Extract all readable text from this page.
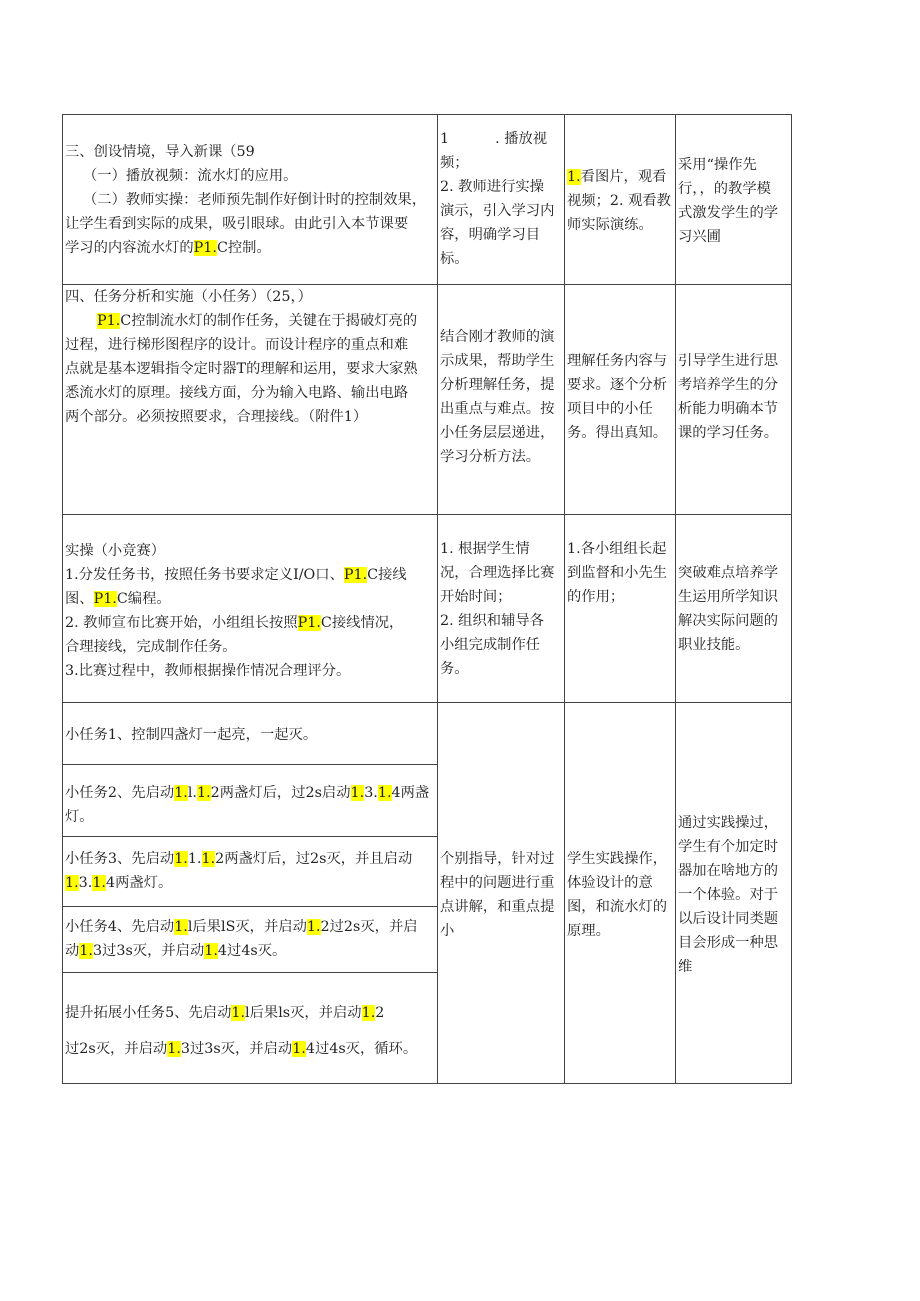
三、创设情境，导入新课（59
（一）播放视频：流水灯的应用。
（二）教师实操：老师预先制作好倒计时的控制效果，
让学生看到实际的成果，吸引眼球。由此引入本节课要
学习的内容流水灯的P1.C控制。
1	. 播放视
频；
2. 教师进行实操
演示，引入学习内
容，明确学习目
标。
1.看图片，观看
视频；2. 观看教
师实际演练。
采用“操作先
行，，的教学模
式激发学生的学
习兴圃
四、任务分析和实施（小任务）（25，）
P1.C控制流水灯的制作任务，关键在于揭破灯亮的
过程，进行梯形图程序的设计。而设计程序的重点和难
点就是基本逻辑指令定时器T的理解和运用，要求大家熟
悉流水灯的原理。接线方面，分为输入电路、输出电路
两个部分。必须按照要求，合理接线。（附件1）
结合刚才教师的演
示成果，帮助学生
分析理解任务，提
出重点与难点。按
小任务层层递进，
学习分析方法。
理解任务内容与
要求。逐个分析
项目中的小任
务。得出真知。
引导学生进行思
考培养学生的分
析能力明确本节
课的学习任务。
实操（小竞赛）
1.分发任务书，按照任务书要求定义I/O口、P1.C接线
图、P1.C编程。
2. 教师宣布比赛开始，小组组长按照P1.C接线情况，
合理接线，完成制作任务。
3.比赛过程中，教师根据操作情况合理评分。
1. 根据学生情
况，合理选择比赛
开始时间；
2. 组织和辅导各
小组完成制作任
务。
1.各小组组长起
到监督和小先生
的作用；
突破难点培养学
生运用所学知识
解决实际问题的
职业技能。
小任务1、控制四盏灯一起亮，一起灭。
小任务2、先启动1.l.1.2两盏灯后，过2s启动1.3.1.4两盏
灯。
小任务3、先启动1.1.1.2两盏灯后，过2s灭，并且启动
1.3.1.4两盏灯。
小任务4、先启动1.l后果lS灭，并启动1.2过2s灭，并启
动1.3过3s灭，并启动1.4过4s灭。
提升拓展小任务5、先启动1.l后果ls灭，并启动1.2
过2s灭，并启动1.3过3s灭，并启动1.4过4s灭，循环。
个别指导，针对过
程中的问题进行重
点讲解，和重点提
小
学生实践操作，
体验设计的意
图，和流水灯的
原理。
通过实践操过，
学生有个加定时
器加在啥地方的
一个体验。对于
以后设计同类题
目会形成一种思
维
